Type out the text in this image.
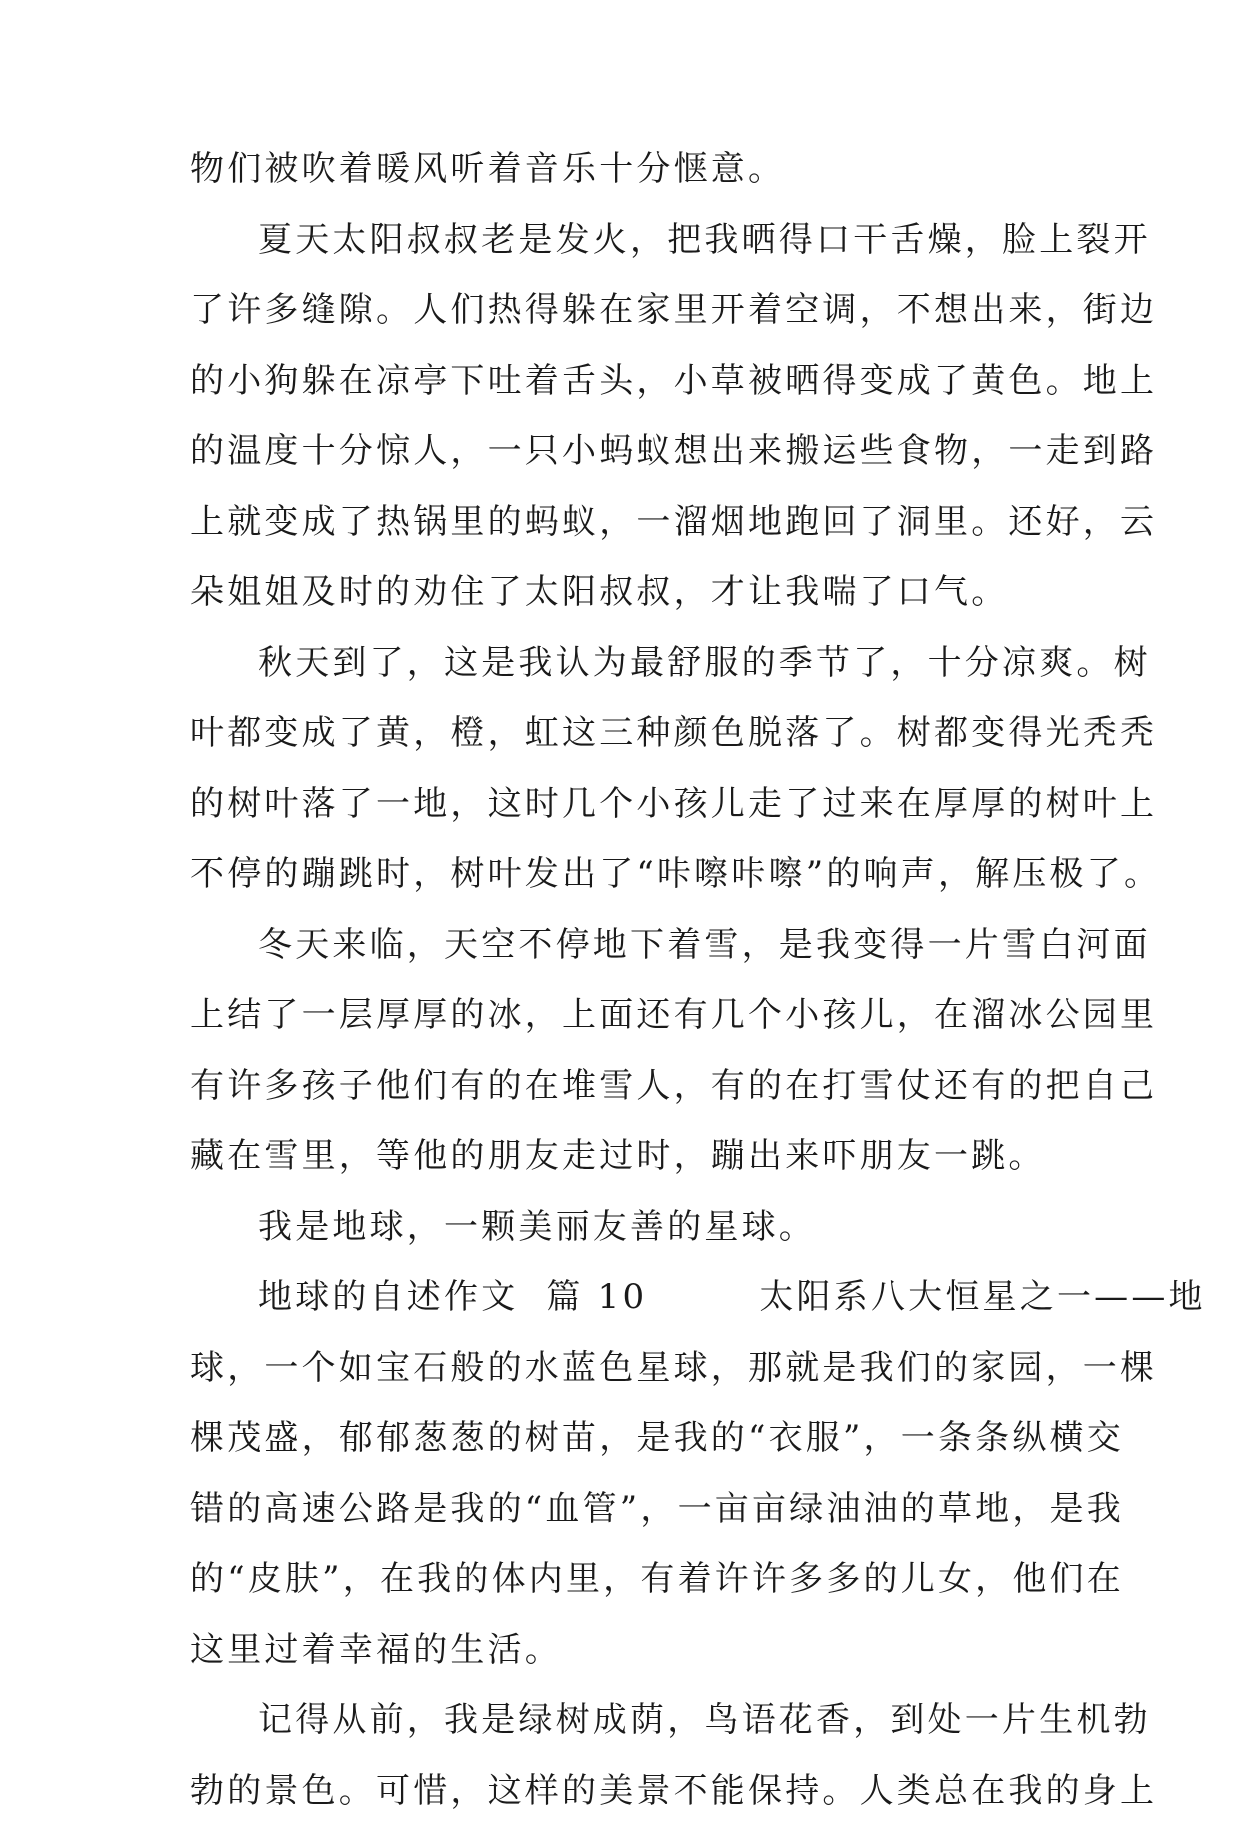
物们被吹着暖风听着音乐十分惬意。
夏天太阳叔叔老是发火，把我晒得口干舌燥，脸上裂开
了许多缝隙。人们热得躲在家里开着空调，不想出来，街边
的小狗躲在凉亭下吐着舌头，小草被晒得变成了黄色。地上
的温度十分惊人，一只小蚂蚁想出来搬运些食物，一走到路
上就变成了热锅里的蚂蚁，一溜烟地跑回了洞里。还好，云
朵姐姐及时的劝住了太阳叔叔，才让我喘了口气。
秋天到了，这是我认为最舒服的季节了，十分凉爽。树
叶都变成了黄，橙，虹这三种颜色脱落了。树都变得光秃秃
的树叶落了一地，这时几个小孩儿走了过来在厚厚的树叶上
不停的蹦跳时，树叶发出了“咔嚓咔嚓”的响声，解压极了。
冬天来临，天空不停地下着雪，是我变得一片雪白河面
上结了一层厚厚的冰，上面还有几个小孩儿，在溜冰公园里
有许多孩子他们有的在堆雪人，有的在打雪仗还有的把自己
藏在雪里，等他的朋友走过时，蹦出来吓朋友一跳。
我是地球，一颗美丽友善的星球。
地球的自述作文  篇 10        太阳系八大恒星之一——地
球，一个如宝石般的水蓝色星球，那就是我们的家园，一棵
棵茂盛，郁郁葱葱的树苗，是我的“衣服”，一条条纵横交
错的高速公路是我的“血管”，一亩亩绿油油的草地，是我
的“皮肤”，在我的体内里，有着许许多多的儿女，他们在
这里过着幸福的生活。
记得从前，我是绿树成荫，鸟语花香，到处一片生机勃
勃的景色。可惜，这样的美景不能保持。人类总在我的身上
